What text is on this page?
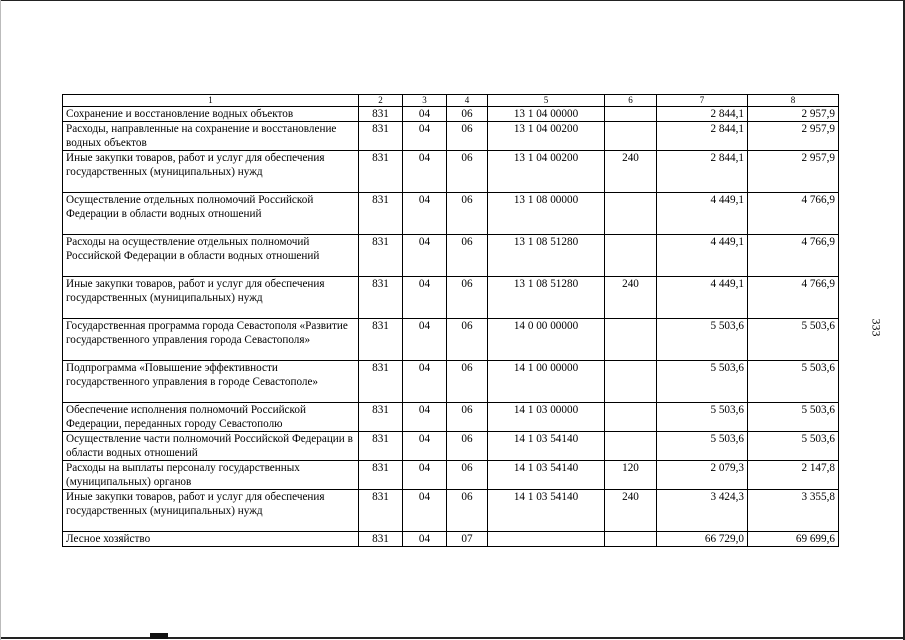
333
1	2	3	4	5	6	7	8
Сохранение и восстановление водных объектов	831	04	06	13 1 04 00000		2 844,1	2 957,9
Расходы, направленные на сохранение и восстановление водных объектов	831	04	06	13 1 04 00200		2 844,1	2 957,9
Иные закупки товаров, работ и услуг для обеспечения государственных (муниципальных) нужд	831	04	06	13 1 04 00200	240	2 844,1	2 957,9
Осуществление отдельных полномочий Российской Федерации в области водных отношений	831	04	06	13 1 08 00000		4 449,1	4 766,9
Расходы на осуществление отдельных полномочий Российской Федерации в области водных отношений	831	04	06	13 1 08 51280		4 449,1	4 766,9
Иные закупки товаров, работ и услуг для обеспечения государственных (муниципальных) нужд	831	04	06	13 1 08 51280	240	4 449,1	4 766,9
Государственная программа города Севастополя «Развитие государственного управления города Севастополя»	831	04	06	14 0 00 00000		5 503,6	5 503,6
Подпрограмма «Повышение эффективности государственного управления в городе Севастополе»	831	04	06	14 1 00 00000		5 503,6	5 503,6
Обеспечение исполнения полномочий Российской Федерации, переданных городу Севастополю	831	04	06	14 1 03 00000		5 503,6	5 503,6
Осуществление части полномочий Российской Федерации в области водных отношений	831	04	06	14 1 03 54140		5 503,6	5 503,6
Расходы на выплаты персоналу государственных (муниципальных) органов	831	04	06	14 1 03 54140	120	2 079,3	2 147,8
Иные закупки товаров, работ и услуг для обеспечения государственных (муниципальных) нужд	831	04	06	14 1 03 54140	240	3 424,3	3 355,8
Лесное хозяйство	831	04	07			66 729,0	69 699,6
